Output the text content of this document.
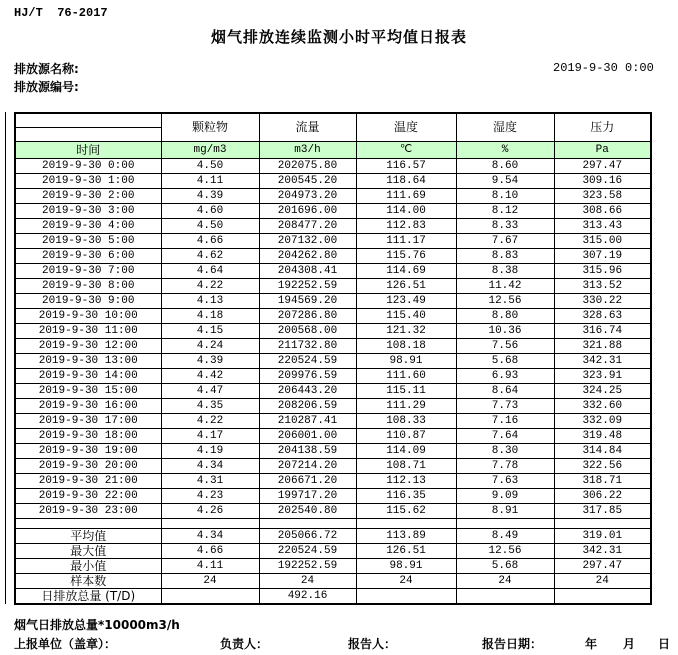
HJ/T  76-2017
烟气排放连续监测小时平均值日报表
排放源名称:
排放源编号:
2019-9-30 0:00
	颗粒物	流量	温度	湿度	压力

时间	mg/m3	m3/h	℃	%	Pa
2019-9-30 0:00	4.50	202075.80	116.57	8.60	297.47
2019-9-30 1:00	4.11	200545.20	118.64	9.54	309.16
2019-9-30 2:00	4.39	204973.20	111.69	8.10	323.58
2019-9-30 3:00	4.60	201696.00	114.00	8.12	308.66
2019-9-30 4:00	4.50	208477.20	112.83	8.33	313.43
2019-9-30 5:00	4.66	207132.00	111.17	7.67	315.00
2019-9-30 6:00	4.62	204262.80	115.76	8.83	307.19
2019-9-30 7:00	4.64	204308.41	114.69	8.38	315.96
2019-9-30 8:00	4.22	192252.59	126.51	11.42	313.52
2019-9-30 9:00	4.13	194569.20	123.49	12.56	330.22
2019-9-30 10:00	4.18	207286.80	115.40	8.80	328.63
2019-9-30 11:00	4.15	200568.00	121.32	10.36	316.74
2019-9-30 12:00	4.24	211732.80	108.18	7.56	321.88
2019-9-30 13:00	4.39	220524.59	98.91	5.68	342.31
2019-9-30 14:00	4.42	209976.59	111.60	6.93	323.91
2019-9-30 15:00	4.47	206443.20	115.11	8.64	324.25
2019-9-30 16:00	4.35	208206.59	111.29	7.73	332.60
2019-9-30 17:00	4.22	210287.41	108.33	7.16	332.09
2019-9-30 18:00	4.17	206001.00	110.87	7.64	319.48
2019-9-30 19:00	4.19	204138.59	114.09	8.30	314.84
2019-9-30 20:00	4.34	207214.20	108.71	7.78	322.56
2019-9-30 21:00	4.31	206671.20	112.13	7.63	318.71
2019-9-30 22:00	4.23	199717.20	116.35	9.09	306.22
2019-9-30 23:00	4.26	202540.80	115.62	8.91	317.85

平均值	4.34	205066.72	113.89	8.49	319.01
最大值	4.66	220524.59	126.51	12.56	342.31
最小值	4.11	192252.59	98.91	5.68	297.47
样本数	24	24	24	24	24
日排放总量 (T/D)		492.16			
烟气日排放总量*10000m3/h
上报单位（盖章）：	负责人：	报告人：	报告日期：	年 月 日
